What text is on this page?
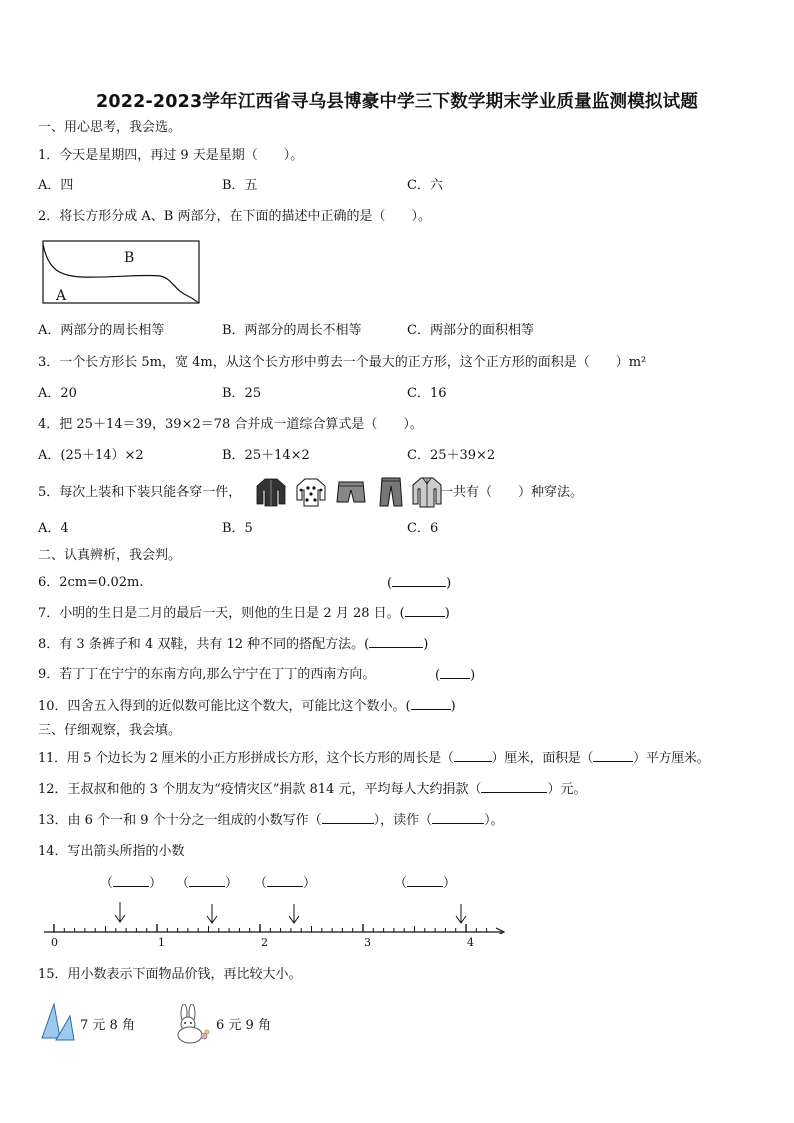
2022-2023学年江西省寻乌县博豪中学三下数学期末学业质量监测模拟试题
一、用心思考，我会选。
1．今天是星期四，再过 9 天是星期（　　）。
A．四	B．五	C．六
2．将长方形分成 A、B 两部分，在下面的描述中正确的是（　　）。
B
A
A．两部分的周长相等	B．两部分的周长不相等	C．两部分的面积相等
3．一个长方形长 5m，宽 4m，从这个长方形中剪去一个最大的正方形，这个正方形的面积是（　　）m²
A．20	B．25	C．16
4．把 25＋14＝39，39×2＝78 合并成一道综合算式是（　　）。
A．(25＋14）×2	B．25＋14×2	C．25＋39×2
5．每次上装和下装只能各穿一件，	一共有（　　）种穿法。
A．4	B．5	C．6
二、认真辨析，我会判。
6．2cm=0.02m.	(	)
7．小明的生日是二月的最后一天，则他的生日是 2 月 28 日。(	)
8．有 3 条裤子和 4 双鞋，共有 12 种不同的搭配方法。(	)
9．若丁丁在宁宁的东南方向,那么宁宁在丁丁的西南方向。	( )
10．四舍五入得到的近似数可能比这个数大，可能比这个数小。(	)
三、仔细观察，我会填。
11．用 5 个边长为 2 厘米的小正方形拼成长方形，这个长方形的周长是（	）厘米，面积是（	）平方厘米。
12．王叔叔和他的 3 个朋友为“疫情灾区”捐款 814 元，平均每人大约捐款（	）元。
13．由 6 个一和 9 个十分之一组成的小数写作（	），读作（	）。
14．写出箭头所指的小数
（	） （	） （	）	（	）
0	1	2	3	4
15．用小数表示下面物品价钱，再比较大小。
7 元 8 角	6 元 9 角
